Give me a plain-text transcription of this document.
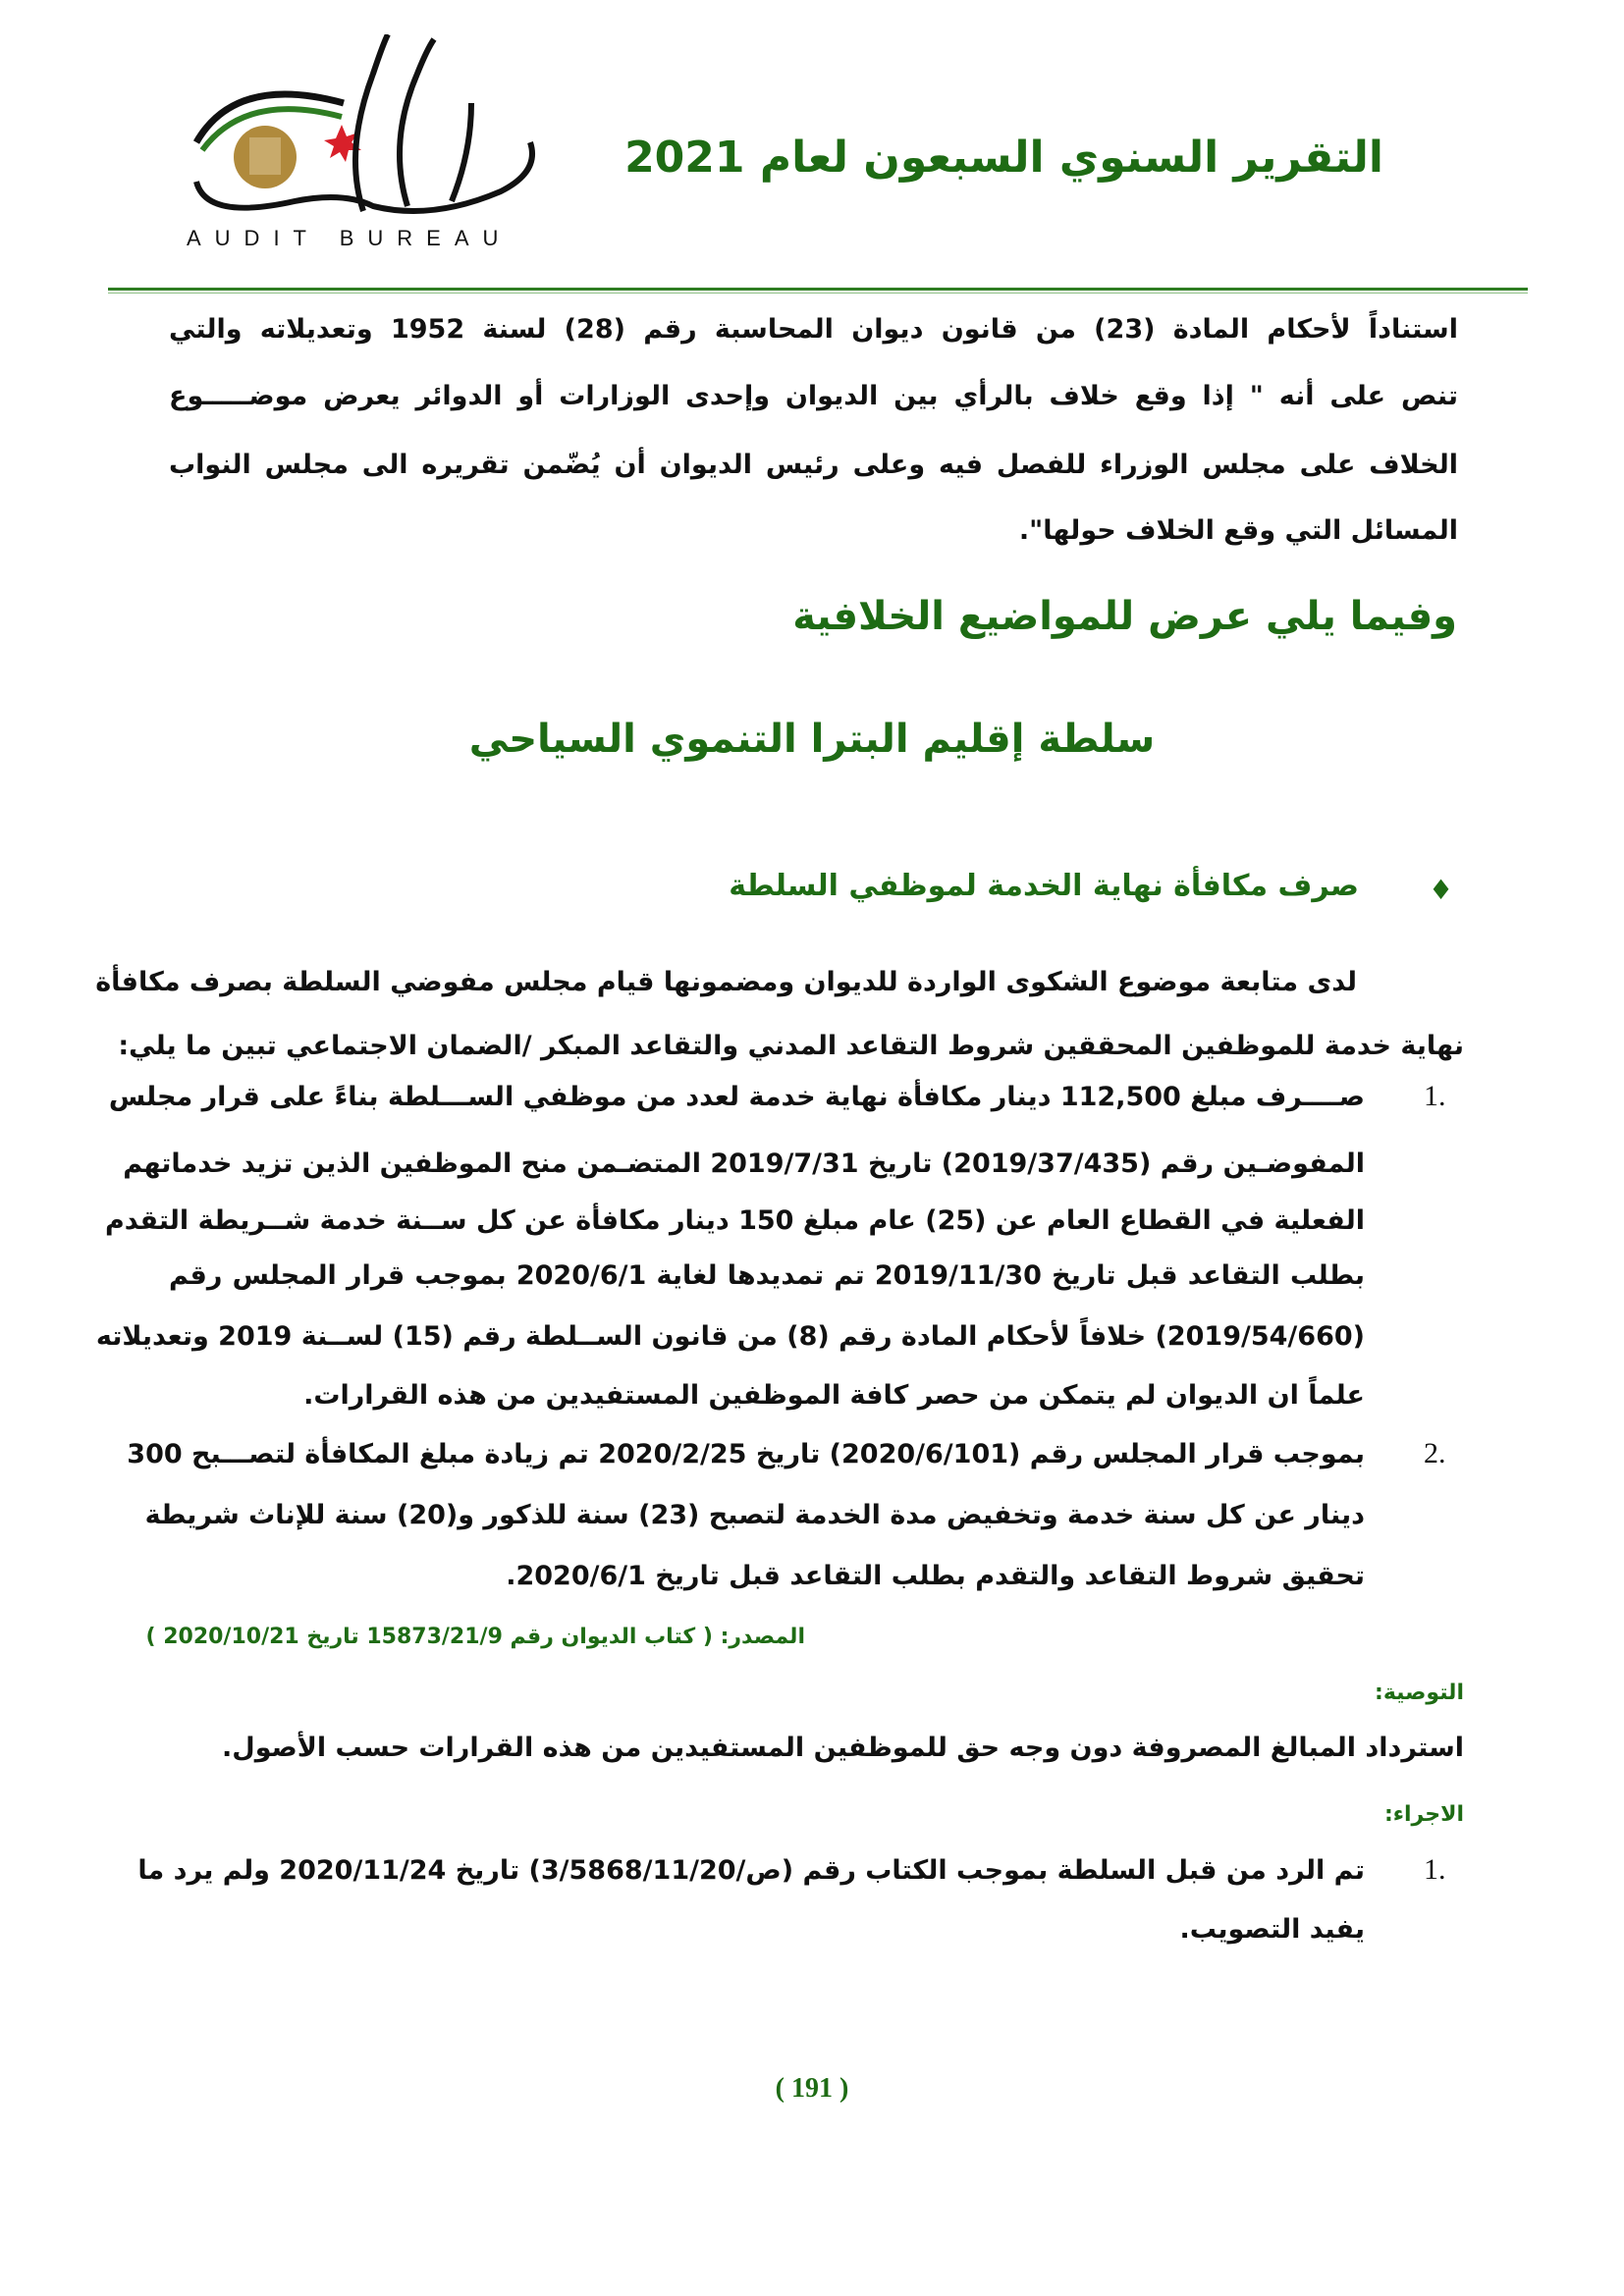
AUDIT BUREAU
التقرير السنوي السبعون لعام 2021
استناداً لأحكام المادة (23) من قانون ديوان المحاسبة رقم (28) لسنة 1952 وتعديلاته والتي
تنص على أنه " إذا وقع خلاف بالرأي بين الديوان وإحدى الوزارات أو الدوائر يعرض موضـــــوع
الخلاف على مجلس الوزراء للفصل فيه وعلى رئيس الديوان أن يُضّمن تقريره الى مجلس النواب
المسائل التي وقع الخلاف حولها".
وفيما يلي عرض للمواضيع الخلافية
سلطة إقليم البترا التنموي السياحي
♦
صرف مكافأة نهاية الخدمة لموظفي السلطة
لدى متابعة موضوع الشكوى الواردة للديوان ومضمونها قيام مجلس مفوضي السلطة بصرف مكافأة
نهاية خدمة للموظفين المحققين شروط التقاعد المدني والتقاعد المبكر /الضمان الاجتماعي تبين ما يلي:
1.
صــــرف مبلغ 112,500 دينار مكافأة نهاية خدمة لعدد من موظفي الســـلطة بناءً على قرار مجلس
المفوضـين رقم (2019/37/435) تاريخ 2019/7/31 المتضـمن منح الموظفين الذين تزيد خدماتهم
الفعلية في القطاع العام عن (25) عام مبلغ 150 دينار مكافأة عن كل ســنة خدمة شــريطة التقدم
بطلب التقاعد قبل تاريخ 2019/11/30 تم تمديدها لغاية 2020/6/1 بموجب قرار المجلس رقم
(2019/54/660) خلافاً لأحكام المادة رقم (8) من قانون الســلطة رقم (15) لســنة 2019 وتعديلاته
علماً ان الديوان لم يتمكن من حصر كافة الموظفين المستفيدين من هذه القرارات.
2.
بموجب قرار المجلس رقم (2020/6/101) تاريخ 2020/2/25 تم زيادة مبلغ المكافأة لتصـــبح 300
دينار عن كل سنة خدمة وتخفيض مدة الخدمة لتصبح (23) سنة للذكور و(20) سنة للإناث شريطة
تحقيق شروط التقاعد والتقدم بطلب التقاعد قبل تاريخ 2020/6/1.
المصدر: ( كتاب الديوان رقم 15873/21/9 تاريخ 2020/10/21 )
التوصية:
استرداد المبالغ المصروفة دون وجه حق للموظفين المستفيدين من هذه القرارات حسب الأصول.
الاجراء:
1.
تم الرد من قبل السلطة بموجب الكتاب رقم (ص/3/5868/11/20) تاريخ 2020/11/24 ولم يرد ما
يفيد التصويب.
( 191 )
